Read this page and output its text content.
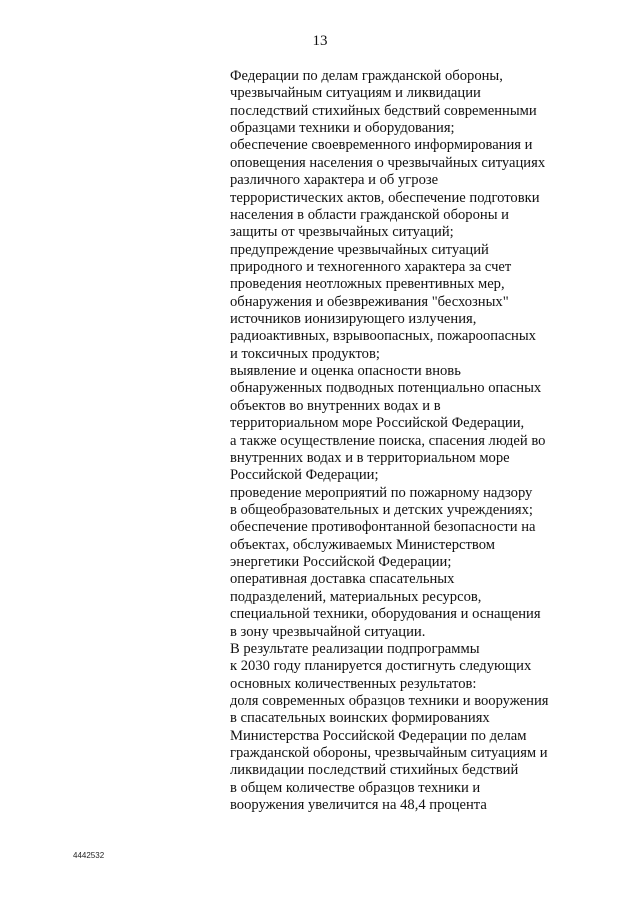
13
Федерации по делам гражданской обороны,
чрезвычайным ситуациям и ликвидации
последствий стихийных бедствий современными
образцами техники и оборудования;
обеспечение своевременного информирования и
оповещения населения о чрезвычайных ситуациях
различного характера и об угрозе
террористических актов, обеспечение подготовки
населения в области гражданской обороны и
защиты от чрезвычайных ситуаций;
предупреждение чрезвычайных ситуаций
природного и техногенного характера за счет
проведения неотложных превентивных мер,
обнаружения и обезвреживания "бесхозных"
источников ионизирующего излучения,
радиоактивных, взрывоопасных, пожароопасных
и токсичных продуктов;
выявление и оценка опасности вновь
обнаруженных подводных потенциально опасных
объектов во внутренних водах и в
территориальном море Российской Федерации,
а также осуществление поиска, спасения людей во
внутренних водах и в территориальном море
Российской Федерации;
проведение мероприятий по пожарному надзору
в общеобразовательных и детских учреждениях;
обеспечение противофонтанной безопасности на
объектах, обслуживаемых Министерством
энергетики Российской Федерации;
оперативная доставка спасательных
подразделений, материальных ресурсов,
специальной техники, оборудования и оснащения
в зону чрезвычайной ситуации.
В результате реализации подпрограммы
к 2030 году планируется достигнуть следующих
основных количественных результатов:
доля современных образцов техники и вооружения
в спасательных воинских формированиях
Министерства Российской Федерации по делам
гражданской обороны, чрезвычайным ситуациям и
ликвидации последствий стихийных бедствий
в общем количестве образцов техники и
вооружения увеличится на 48,4 процента
4442532
